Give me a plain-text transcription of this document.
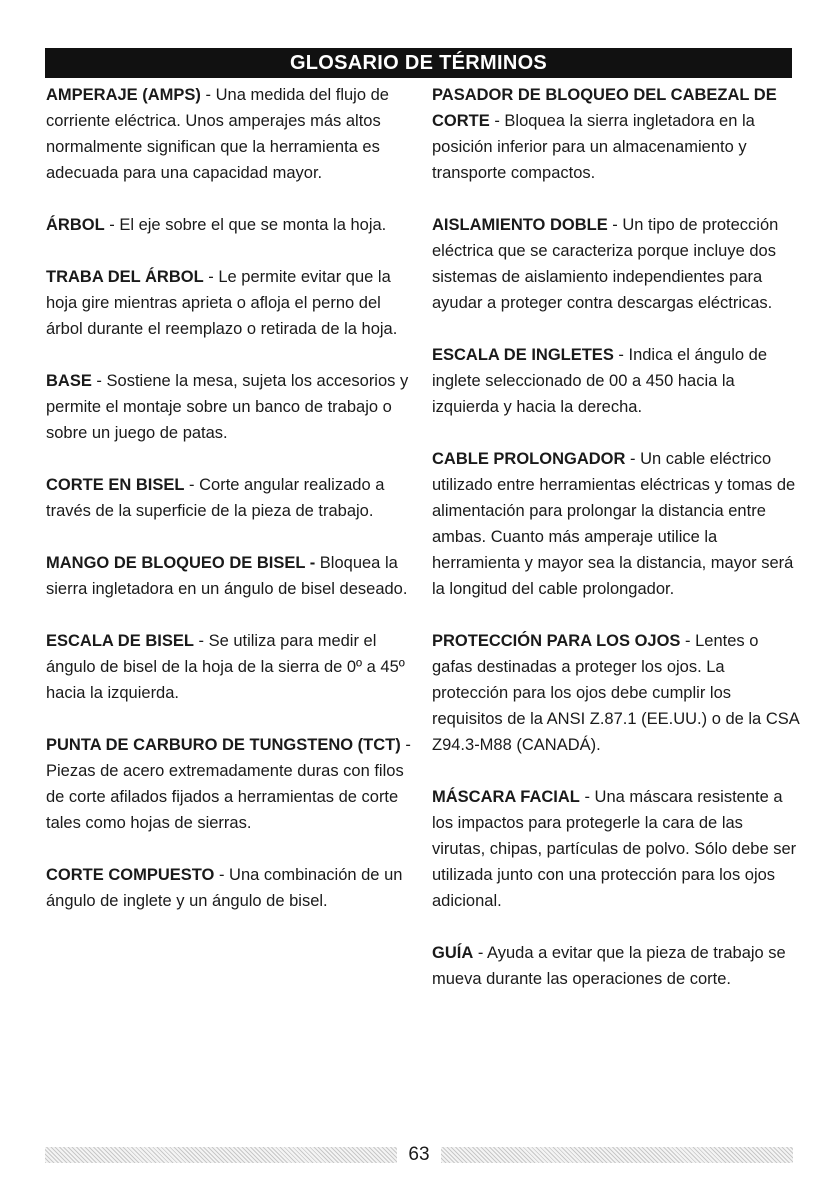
GLOSARIO DE TÉRMINOS

AMPERAJE (AMPS) - Una medida del flujo de corriente eléctrica. Unos amperajes más altos normalmente significan que la herramienta es adecuada para una capacidad mayor.

ÁRBOL - El eje sobre el que se monta la hoja.

TRABA DEL ÁRBOL - Le permite evitar que la hoja gire mientras aprieta o afloja el perno del árbol durante el reemplazo o retirada de la hoja.

BASE - Sostiene la mesa, sujeta los accesorios y permite el montaje sobre un banco de trabajo o sobre un juego de patas.

CORTE EN BISEL - Corte angular realizado a través de la superficie de la pieza de trabajo.

MANGO DE BLOQUEO DE BISEL - Bloquea la sierra ingletadora en un ángulo de bisel deseado.

ESCALA DE BISEL - Se utiliza para medir el ángulo de bisel de la hoja de la sierra de 0º a 45º hacia la izquierda.

PUNTA DE CARBURO DE TUNGSTENO (TCT) - Piezas de acero extremadamente duras con filos de corte afilados fijados a herramientas de corte tales como hojas de sierras.

CORTE COMPUESTO - Una combinación de un ángulo de inglete y un ángulo de bisel.

PASADOR DE BLOQUEO DEL CABEZAL DE CORTE - Bloquea la sierra ingletadora en la posición inferior para un almacenamiento y transporte compactos.

AISLAMIENTO DOBLE - Un tipo de protección eléctrica que se caracteriza porque incluye dos sistemas de aislamiento independientes para ayudar a proteger contra descargas eléctricas.

ESCALA DE INGLETES - Indica el ángulo de inglete seleccionado de 00 a 450 hacia la izquierda y hacia la derecha.

CABLE PROLONGADOR - Un cable eléctrico utilizado entre herramientas eléctricas y tomas de alimentación para prolongar la distancia entre ambas. Cuanto más amperaje utilice la herramienta y mayor sea la distancia, mayor será la longitud del cable prolongador.

PROTECCIÓN PARA LOS OJOS - Lentes o gafas destinadas a proteger los ojos. La protección para los ojos debe cumplir los requisitos de la ANSI Z.87.1 (EE.UU.) o de la CSA Z94.3-M88 (CANADÁ).

MÁSCARA FACIAL - Una máscara resistente a los impactos para protegerle la cara de las virutas, chipas, partículas de polvo. Sólo debe ser utilizada junto con una protección para los ojos adicional.

GUÍA - Ayuda a evitar que la pieza de trabajo se mueva durante las operaciones de corte.

63
